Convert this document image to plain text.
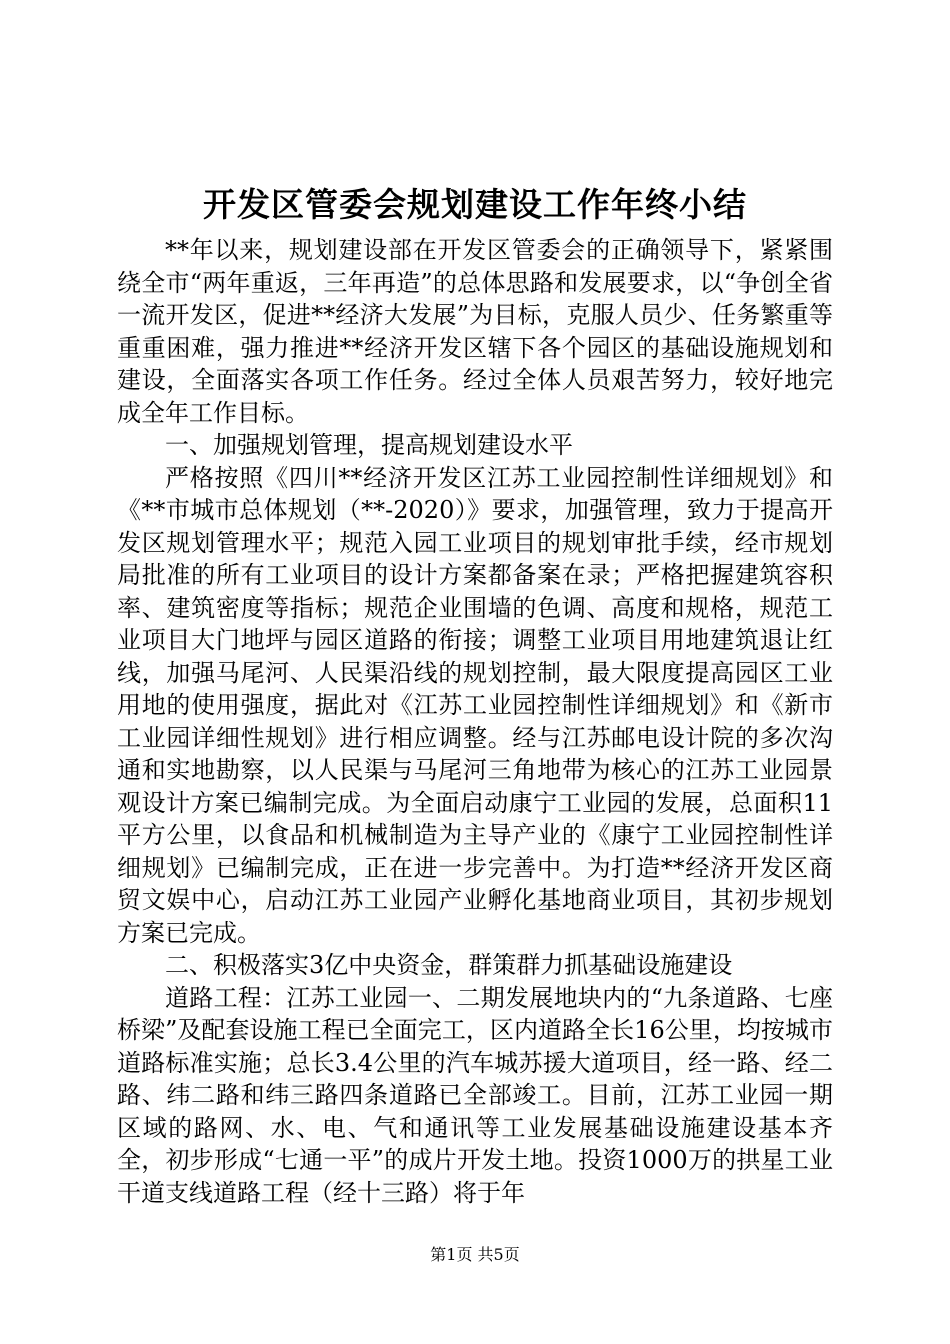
开发区管委会规划建设工作年终小结

**年以来，规划建设部在开发区管委会的正确领导下，紧紧围绕全市“两年重返，三年再造”的总体思路和发展要求，以“争创全省一流开发区，促进**经济大发展”为目标，克服人员少、任务繁重等重重困难，强力推进**经济开发区辖下各个园区的基础设施规划和建设，全面落实各项工作任务。经过全体人员艰苦努力，较好地完成全年工作目标。

一、加强规划管理，提高规划建设水平

严格按照《四川**经济开发区江苏工业园控制性详细规划》和《**市城市总体规划（**-2020）》要求，加强管理，致力于提高开发区规划管理水平；规范入园工业项目的规划审批手续，经市规划局批准的所有工业项目的设计方案都备案在录；严格把握建筑容积率、建筑密度等指标；规范企业围墙的色调、高度和规格，规范工业项目大门地坪与园区道路的衔接；调整工业项目用地建筑退让红线，加强马尾河、人民渠沿线的规划控制，最大限度提高园区工业用地的使用强度，据此对《江苏工业园控制性详细规划》和《新市工业园详细性规划》进行相应调整。经与江苏邮电设计院的多次沟通和实地勘察，以人民渠与马尾河三角地带为核心的江苏工业园景观设计方案已编制完成。为全面启动康宁工业园的发展，总面积11平方公里，以食品和机械制造为主导产业的《康宁工业园控制性详细规划》已编制完成，正在进一步完善中。为打造**经济开发区商贸文娱中心，启动江苏工业园产业孵化基地商业项目，其初步规划方案已完成。

二、积极落实3亿中央资金，群策群力抓基础设施建设

道路工程：江苏工业园一、二期发展地块内的“九条道路、七座桥梁”及配套设施工程已全面完工，区内道路全长16公里，均按城市道路标准实施；总长3.4公里的汽车城苏援大道项目，经一路、经二路、纬二路和纬三路四条道路已全部竣工。目前，江苏工业园一期区域的路网、水、电、气和通讯等工业发展基础设施建设基本齐全，初步形成“七通一平”的成片开发土地。投资1000万的拱星工业干道支线道路工程（经十三路）将于年

第1页 共5页
